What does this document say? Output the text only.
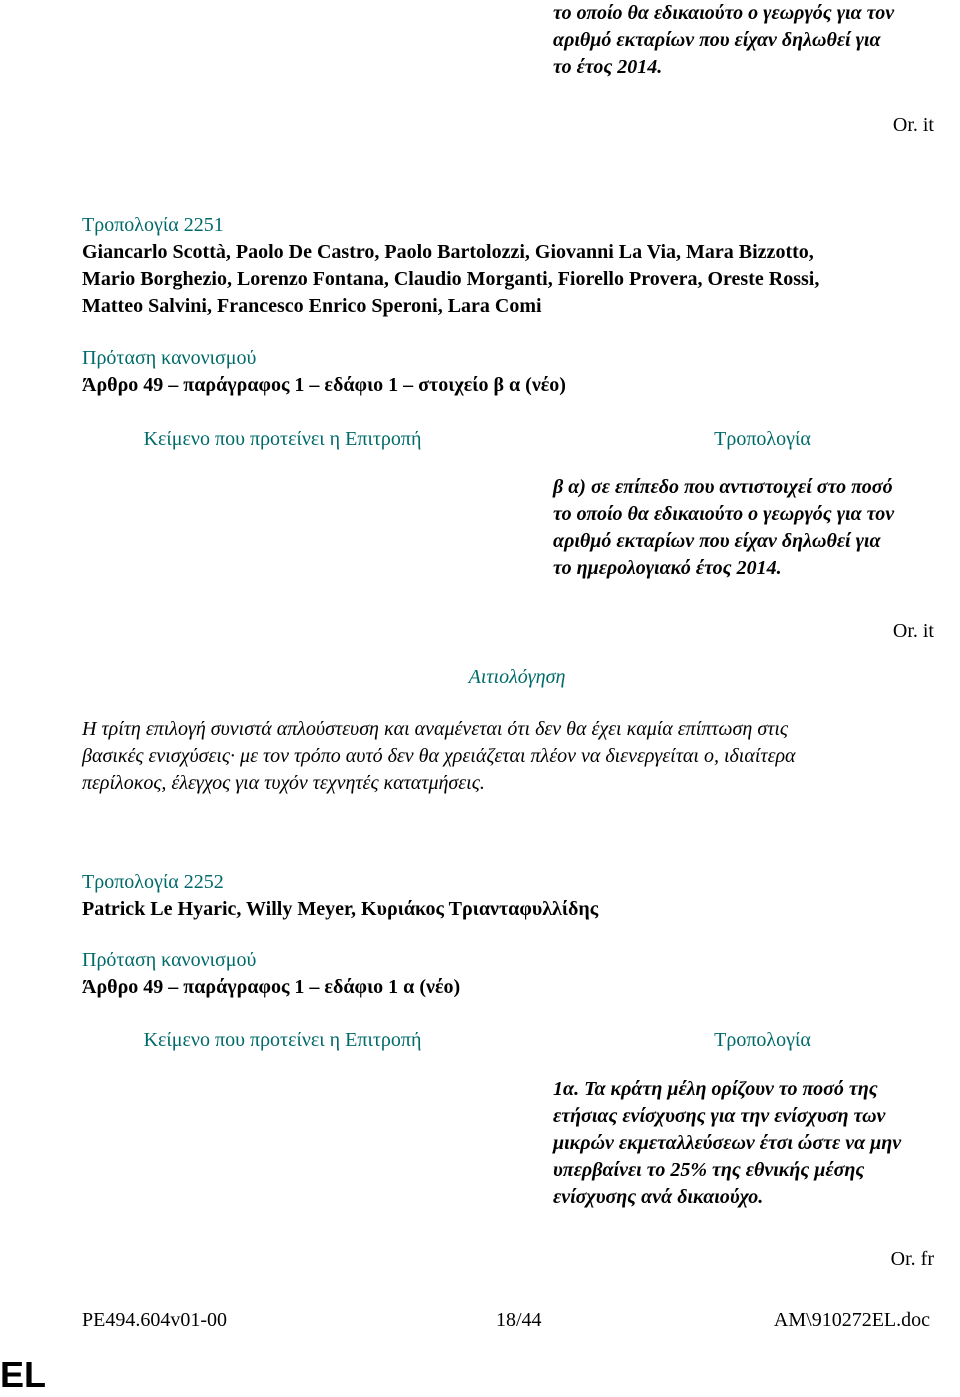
το οποίο θα εδικαιούτο ο γεωργός για τον
αριθμό εκταρίων που είχαν δηλωθεί για
το έτος 2014.
Or. it
Τροπολογία 2251
Giancarlo Scottà, Paolo De Castro, Paolo Bartolozzi, Giovanni La Via, Mara Bizzotto,
Mario Borghezio, Lorenzo Fontana, Claudio Morganti, Fiorello Provera, Oreste Rossi,
Matteo Salvini, Francesco Enrico Speroni, Lara Comi
Πρόταση κανονισμού
Άρθρο 49 – παράγραφος 1 – εδάφιο 1 – στοιχείο β α (νέο)
Κείμενο που προτείνει η Επιτροπή	Τροπολογία
β α) σε επίπεδο που αντιστοιχεί στο ποσό
το οποίο θα εδικαιούτο ο γεωργός για τον
αριθμό εκταρίων που είχαν δηλωθεί για
το ημερολογιακό έτος 2014.
Or. it
Αιτιολόγηση
Η τρίτη επιλογή συνιστά απλούστευση και αναμένεται ότι δεν θα έχει καμία επίπτωση στις
βασικές ενισχύσεις· με τον τρόπο αυτό δεν θα χρειάζεται πλέον να διενεργείται ο, ιδιαίτερα
περίλοκος, έλεγχος για τυχόν τεχνητές κατατμήσεις.
Τροπολογία 2252
Patrick Le Hyaric, Willy Meyer, Κυριάκος Τριανταφυλλίδης
Πρόταση κανονισμού
Άρθρο 49 – παράγραφος 1 – εδάφιο 1 α (νέο)
Κείμενο που προτείνει η Επιτροπή	Τροπολογία
1α. Τα κράτη μέλη ορίζουν το ποσό της
ετήσιας ενίσχυσης για την ενίσχυση των
μικρών εκμεταλλεύσεων έτσι ώστε να μην
υπερβαίνει το 25% της εθνικής μέσης
ενίσχυσης ανά δικαιούχο.
Or. fr
PE494.604v01-00	18/44	AM\910272EL.doc
EL
